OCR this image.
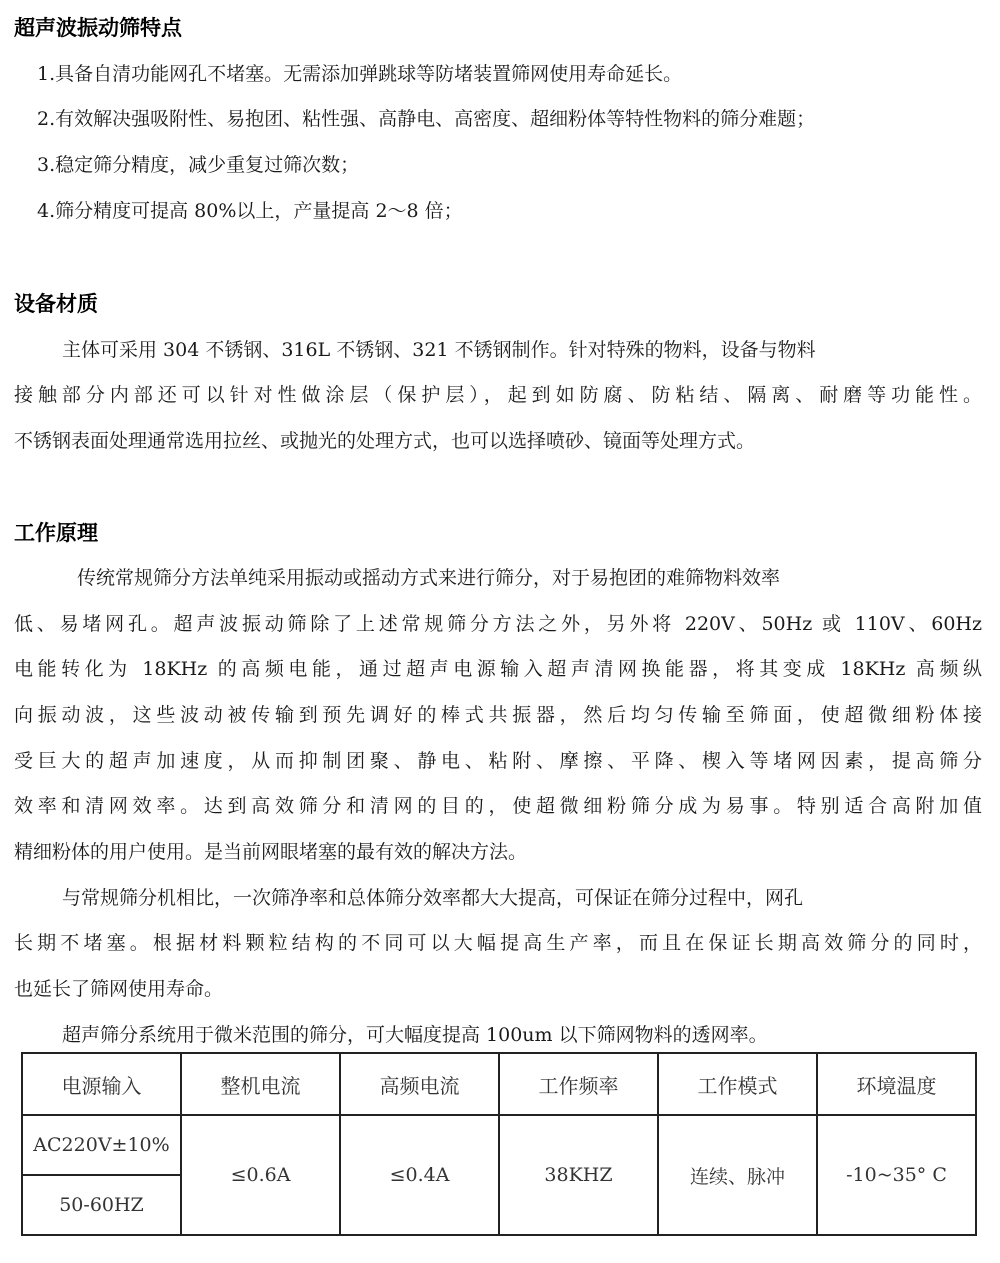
超声波振动筛特点

1.具备自清功能网孔不堵塞。无需添加弹跳球等防堵装置筛网使用寿命延长。

2.有效解决强吸附性、易抱团、粘性强、高静电、高密度、超细粉体等特性物料的筛分难题；

3.稳定筛分精度，减少重复过筛次数；

4.筛分精度可提高 80%以上，产量提高 2～8 倍；

设备材质

主体可采用 304 不锈钢、316L 不锈钢、321 不锈钢制作。针对特殊的物料，设备与物料

接触部分内部还可以针对性做涂层（保护层），起到如防腐、防粘结、隔离、耐磨等功能性。

不锈钢表面处理通常选用拉丝、或抛光的处理方式，也可以选择喷砂、镜面等处理方式。

工作原理

传统常规筛分方法单纯采用振动或摇动方式来进行筛分，对于易抱团的难筛物料效率

低、易堵网孔。超声波振动筛除了上述常规筛分方法之外，另外将 220V、50Hz 或 110V、60Hz

电能转化为 18KHz 的高频电能，通过超声电源输入超声清网换能器，将其变成 18KHz 高频纵

向振动波，这些波动被传输到预先调好的棒式共振器，然后均匀传输至筛面，使超微细粉体接

受巨大的超声加速度，从而抑制团聚、静电、粘附、摩擦、平降、楔入等堵网因素，提高筛分

效率和清网效率。达到高效筛分和清网的目的，使超微细粉筛分成为易事。特别适合高附加值

精细粉体的用户使用。是当前网眼堵塞的最有效的解决方法。

与常规筛分机相比，一次筛净率和总体筛分效率都大大提高，可保证在筛分过程中，网孔

长期不堵塞。根据材料颗粒结构的不同可以大幅提高生产率，而且在保证长期高效筛分的同时，

也延长了筛网使用寿命。

超声筛分系统用于微米范围的筛分，可大幅度提高 100um 以下筛网物料的透网率。

电源输入	整机电流	高频电流	工作频率	工作模式	环境温度
AC220V±10%	≤0.6A	≤0.4A	38KHZ	连续、脉冲	-10~35° C
50-60HZ					
